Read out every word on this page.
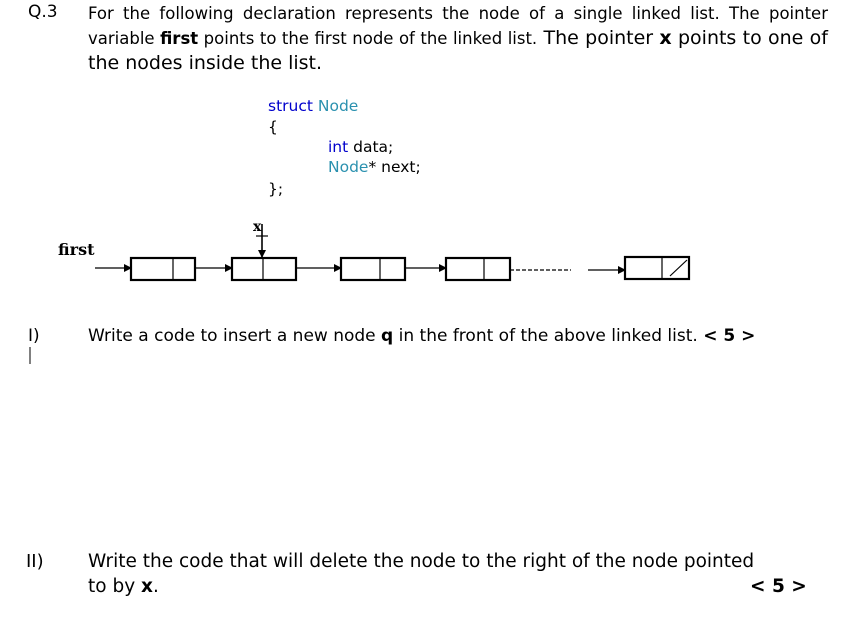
Q.3 For the following declaration represents the node of a single linked list. The pointer variable first points to the first node of the linked list. The pointer x points to one of the nodes inside the list.
struct Node
{
int data;
Node* next;
};
first
x
I)	Write a code to insert a new node q in the front of the above linked list. < 5 >
II) Write the code that will delete the node to the right of the node pointed
to by x.	< 5 >
